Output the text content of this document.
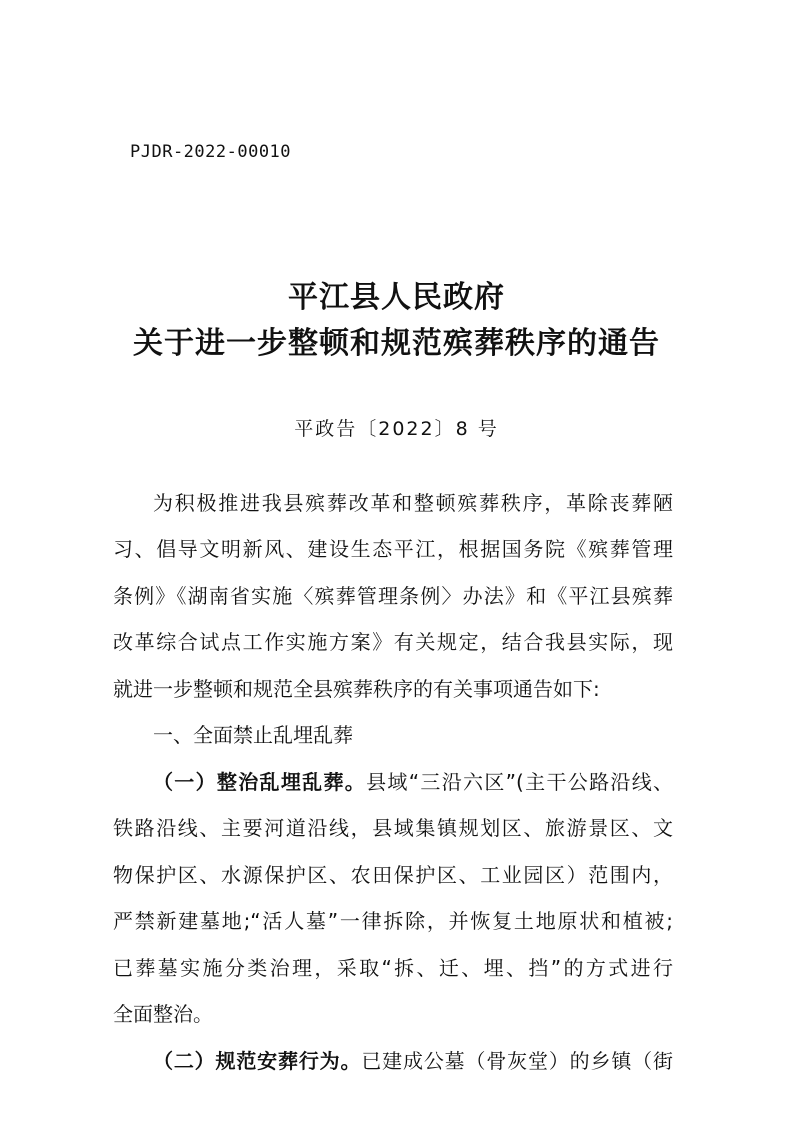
PJDR-2022-00010
平江县人民政府
关于进一步整顿和规范殡葬秩序的通告
平政告〔2022〕8 号
为积极推进我县殡葬改革和整顿殡葬秩序，革除丧葬陋
习、倡导文明新风、建设生态平江，根据国务院《殡葬管理
条例》《湖南省实施〈殡葬管理条例〉办法》和《平江县殡葬
改革综合试点工作实施方案》有关规定，结合我县实际，现
就进一步整顿和规范全县殡葬秩序的有关事项通告如下:
一、全面禁止乱埋乱葬
（一）整治乱埋乱葬。县域“三沿六区”(主干公路沿线、
铁路沿线、主要河道沿线，县域集镇规划区、旅游景区、文
物保护区、水源保护区、农田保护区、工业园区）范围内，
严禁新建墓地;“活人墓”一律拆除，并恢复土地原状和植被;
已葬墓实施分类治理，采取“拆、迁、埋、挡”的方式进行
全面整治。
（二）规范安葬行为。已建成公墓（骨灰堂）的乡镇（街
